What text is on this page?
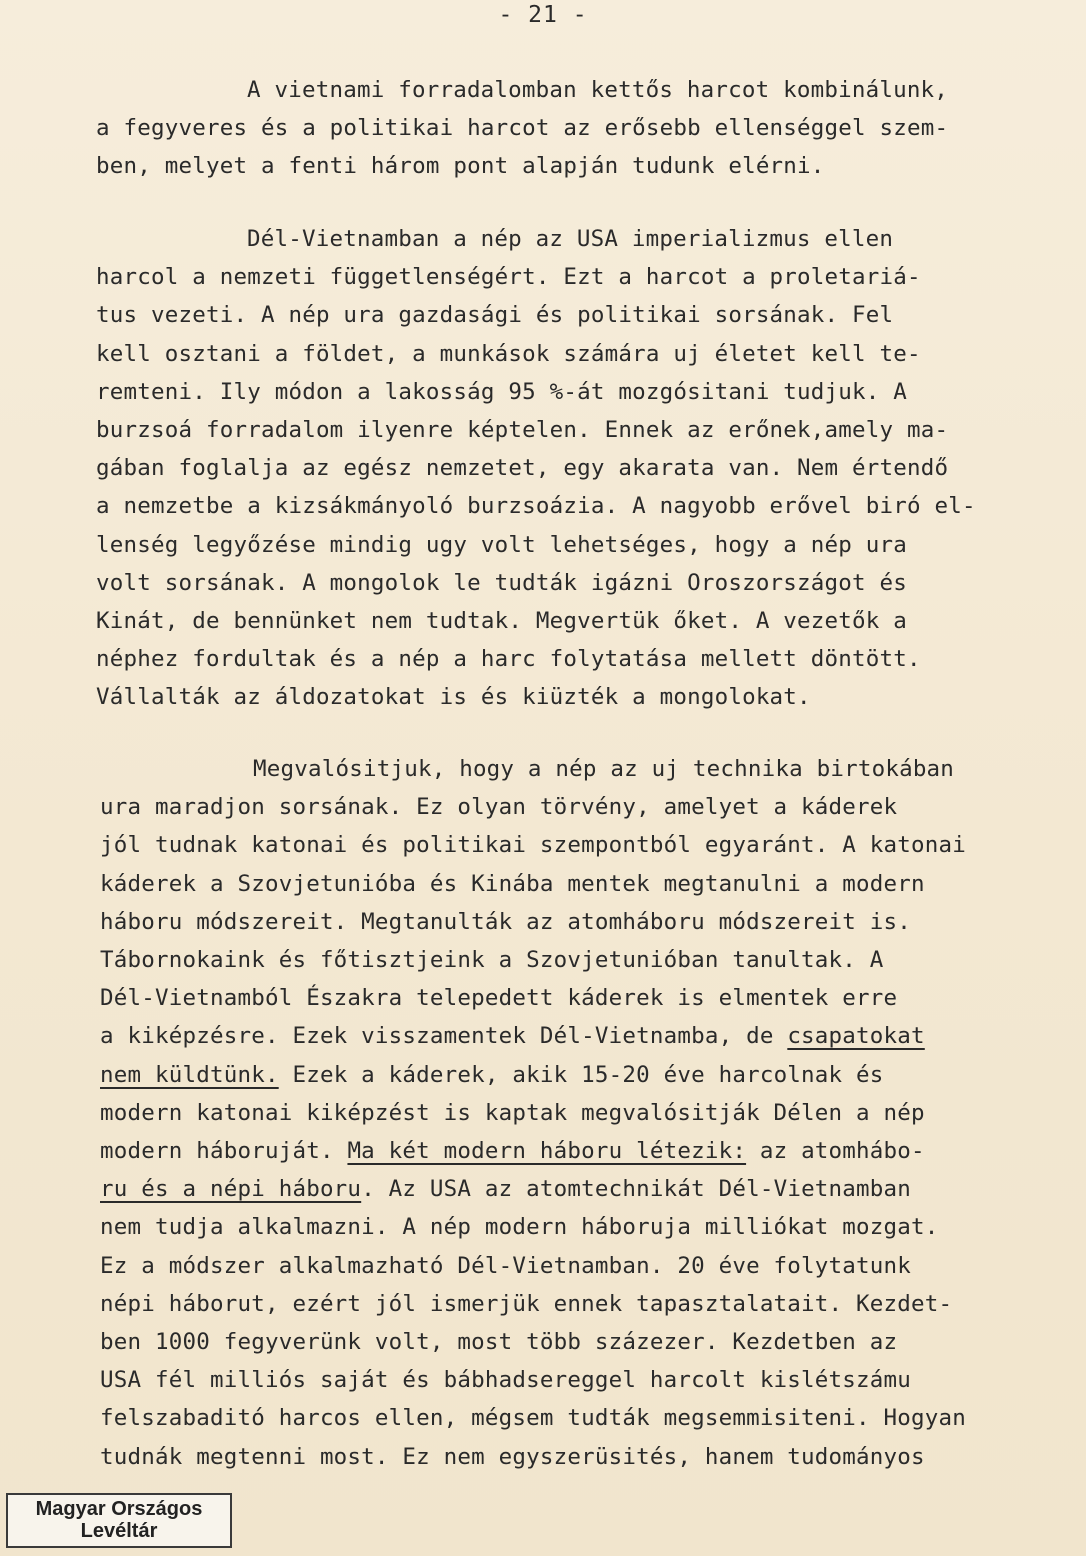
- 21 -
A vietnami forradalomban kettős harcot kombinálunk,
a fegyveres és a politikai harcot az erősebb ellenséggel szem-
ben, melyet a fenti három pont alapján tudunk elérni.
Dél-Vietnamban a nép az USA imperializmus ellen
harcol a nemzeti függetlenségért. Ezt a harcot a proletariá-
tus vezeti. A nép ura gazdasági és politikai sorsának. Fel
kell osztani a földet, a munkások számára uj életet kell te-
remteni. Ily módon a lakosság 95 %-át mozgósitani tudjuk. A
burzsoá forradalom ilyenre képtelen. Ennek az erőnek,amely ma-
gában foglalja az egész nemzetet, egy akarata van. Nem értendő
a nemzetbe a kizsákmányoló burzsoázia. A nagyobb erővel biró el-
lenség legyőzése mindig ugy volt lehetséges, hogy a nép ura
volt sorsának. A mongolok le tudták igázni Oroszországot és
Kinát, de bennünket nem tudtak. Megvertük őket. A vezetők a
néphez fordultak és a nép a harc folytatása mellett döntött.
Vállalták az áldozatokat is és kiüzték a mongolokat.
Megvalósitjuk, hogy a nép az uj technika birtokában
ura maradjon sorsának. Ez olyan törvény, amelyet a káderek
jól tudnak katonai és politikai szempontból egyaránt. A katonai
káderek a Szovjetunióba és Kinába mentek megtanulni a modern
háboru módszereit. Megtanulták az atomháboru módszereit is.
Tábornokaink és főtisztjeink a Szovjetunióban tanultak. A
Dél-Vietnamból Északra telepedett káderek is elmentek erre
a kiképzésre. Ezek visszamentek Dél-Vietnamba, de csapatokat
nem küldtünk. Ezek a káderek, akik 15-20 éve harcolnak és
modern katonai kiképzést is kaptak megvalósitják Délen a nép
modern háboruját. Ma két modern háboru létezik: az atomhábo-
ru és a népi háboru. Az USA az atomtechnikát Dél-Vietnamban
nem tudja alkalmazni. A nép modern háboruja milliókat mozgat.
Ez a módszer alkalmazható Dél-Vietnamban. 20 éve folytatunk
népi háborut, ezért jól ismerjük ennek tapasztalatait. Kezdet-
ben 1000 fegyverünk volt, most több százezer. Kezdetben az
USA fél milliós saját és bábhadsereggel harcolt kislétszámu
felszabaditó harcos ellen, mégsem tudták megsemmisiteni. Hogyan
tudnák megtenni most. Ez nem egyszerüsités, hanem tudományos
Magyar Országos
Levéltár
